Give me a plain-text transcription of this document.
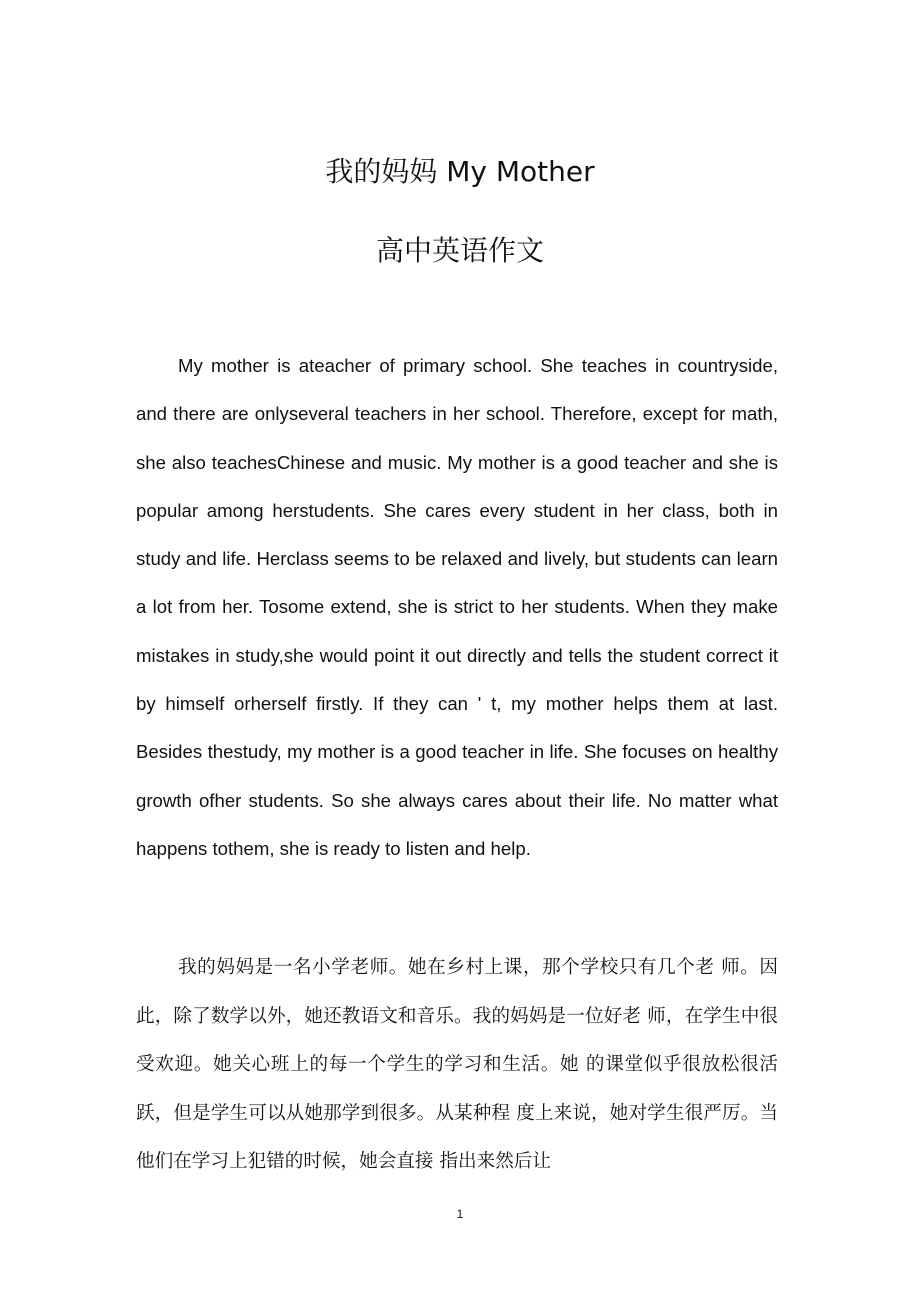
我的妈妈 My Mother
高中英语作文

My mother is ateacher of primary school. She teaches in countryside, and there are onlyseveral teachers in her school. Therefore, except for math, she also teachesChinese and music. My mother is a good teacher and she is popular among herstudents. She cares every student in her class, both in study and life. Herclass seems to be relaxed and lively, but students can learn a lot from her. Tosome extend, she is strict to her students. When they make mistakes in study,she would point it out directly and tells the student correct it by himself orherself firstly. If they can ' t, my mother helps them at last. Besides thestudy, my mother is a good teacher in life. She focuses on healthy growth ofher students. So she always cares about their life. No matter what happens tothem, she is ready to listen and help.

我的妈妈是一名小学老师。她在乡村上课，那个学校只有几个老 师。因此，除了数学以外，她还教语文和音乐。我的妈妈是一位好老 师，在学生中很受欢迎。她关心班上的每一个学生的学习和生活。她 的课堂似乎很放松很活跃，但是学生可以从她那学到很多。从某种程 度上来说，她对学生很严厉。当他们在学习上犯错的时候，她会直接 指出来然后让

1
